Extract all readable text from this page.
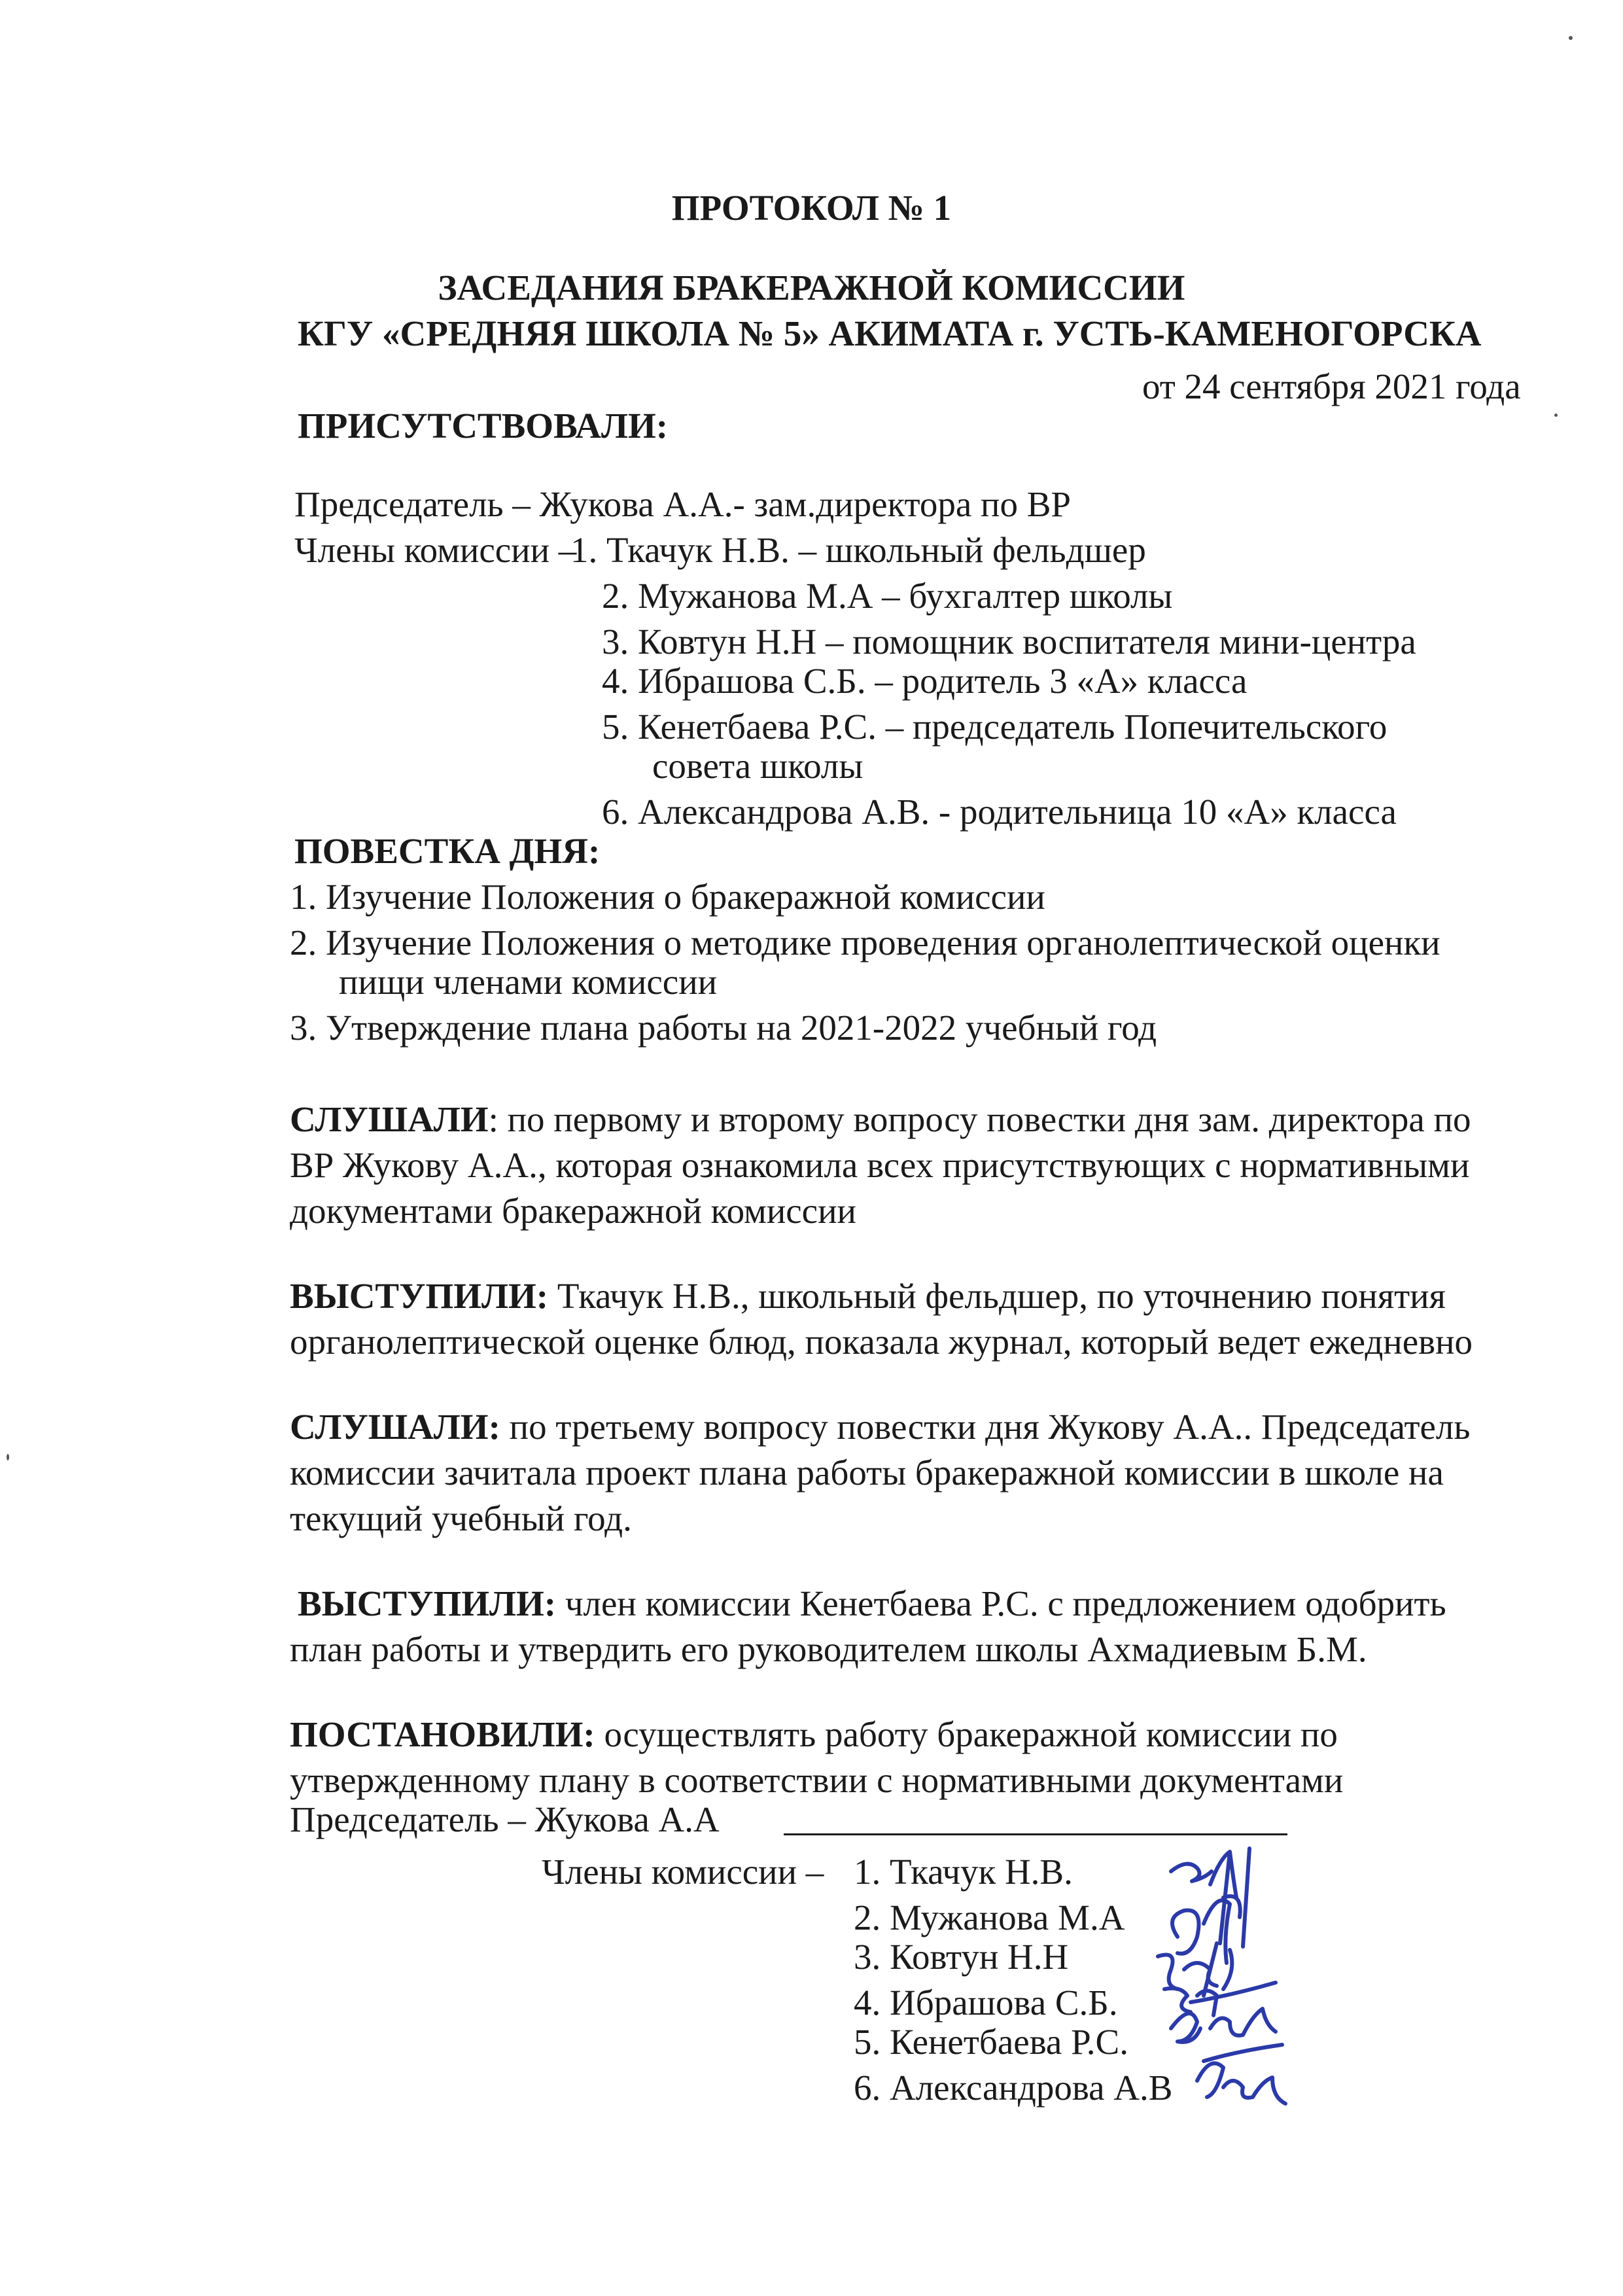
ПРОТОКОЛ № 1
ЗАСЕДАНИЯ БРАКЕРАЖНОЙ КОМИССИИ
КГУ «СРЕДНЯЯ ШКОЛА № 5» АКИМАТА г. УСТЬ-КАМЕНОГОРСКА
от 24 сентября 2021 года
ПРИСУТСТВОВАЛИ:
Председатель – Жукова А.А.- зам.директора по ВР
Члены комиссии –
1. Ткачук Н.В. – школьный фельдшер
2. Мужанова М.А – бухгалтер школы
3. Ковтун Н.Н – помощник воспитателя мини-центра
4. Ибрашова С.Б. – родитель 3 «А» класса
5. Кенетбаева Р.С. – председатель Попечительского
совета школы
6. Александрова А.В. - родительница 10 «А» класса
ПОВЕСТКА ДНЯ:
1. Изучение Положения о бракеражной комиссии
2. Изучение Положения о методике проведения органолептической оценки
пищи членами комиссии
3. Утверждение плана работы на 2021-2022 учебный год
СЛУШАЛИ: по первому и второму вопросу повестки дня зам. директора по
ВР Жукову А.А., которая ознакомила всех присутствующих с нормативными
документами бракеражной комиссии
ВЫСТУПИЛИ: Ткачук Н.В., школьный фельдшер, по уточнению понятия
органолептической оценке блюд, показала журнал, который ведет ежедневно
СЛУШАЛИ: по третьему вопросу повестки дня Жукову А.А.. Председатель
комиссии зачитала проект плана работы бракеражной комиссии в школе на
текущий учебный год.
ВЫСТУПИЛИ: член комиссии Кенетбаева Р.С. с предложением одобрить
план работы и утвердить его руководителем школы Ахмадиевым Б.М.
ПОСТАНОВИЛИ: осуществлять работу бракеражной комиссии по
утвержденному плану в соответствии с нормативными документами
Председатель – Жукова А.А
Члены комиссии – 1. Ткачук Н.В.
2. Мужанова М.А
3. Ковтун Н.Н
4. Ибрашова С.Б.
5. Кенетбаева Р.С.
6. Александрова А.В
